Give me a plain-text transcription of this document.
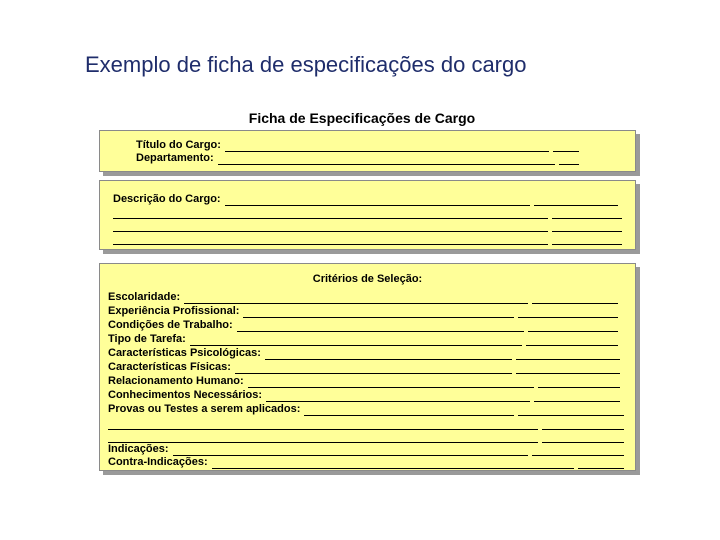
Exemplo de ficha de especificações do cargo
Ficha de Especificações de Cargo
Título do Cargo:
Departamento:
Descrição do Cargo:
Critérios de Seleção:
Escolaridade:
Experiência Profissional:
Condições de Trabalho:
Tipo de Tarefa:
Características Psicológicas:
Características Físicas:
Relacionamento Humano:
Conhecimentos Necessários:
Provas ou Testes a serem aplicados:
Indicações:
Contra-Indicações:
